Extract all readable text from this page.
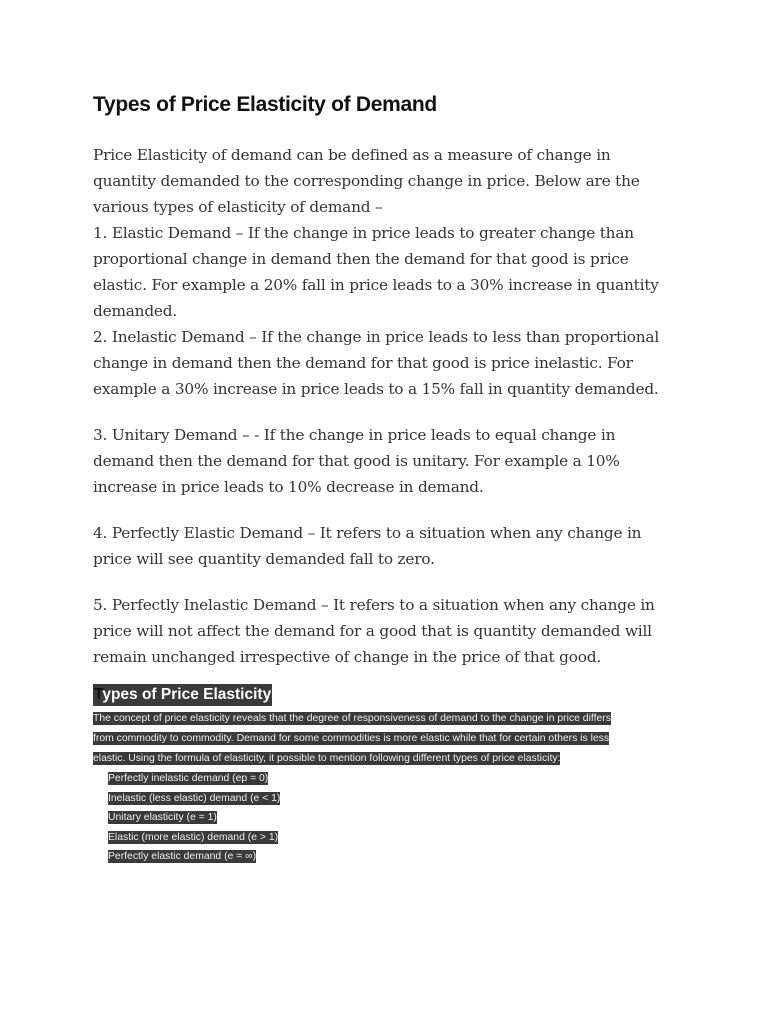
Types of Price Elasticity of Demand
Price Elasticity of demand can be defined as a measure of change in
quantity demanded to the corresponding change in price. Below are the
various types of elasticity of demand –
1. Elastic Demand – If the change in price leads to greater change than
proportional change in demand then the demand for that good is price
elastic. For example a 20% fall in price leads to a 30% increase in quantity
demanded.
2. Inelastic Demand – If the change in price leads to less than proportional
change in demand then the demand for that good is price inelastic. For
example a 30% increase in price leads to a 15% fall in quantity demanded.
3. Unitary Demand – - If the change in price leads to equal change in
demand then the demand for that good is unitary. For example a 10%
increase in price leads to 10% decrease in demand.
4. Perfectly Elastic Demand – It refers to a situation when any change in
price will see quantity demanded fall to zero.
5. Perfectly Inelastic Demand – It refers to a situation when any change in
price will not affect the demand for a good that is quantity demanded will
remain unchanged irrespective of change in the price of that good.
Types of Price Elasticity
The concept of price elasticity reveals that the degree of responsiveness of demand to the change in price differs
from commodity to commodity. Demand for some commodities is more elastic while that for certain others is less
elastic. Using the formula of elasticity, it possible to mention following different types of price elasticity:
Perfectly inelastic demand (ep = 0)
Inelastic (less elastic) demand (e < 1)
Unitary elasticity (e = 1)
Elastic (more elastic) demand (e > 1)
Perfectly elastic demand (e = ∞)
